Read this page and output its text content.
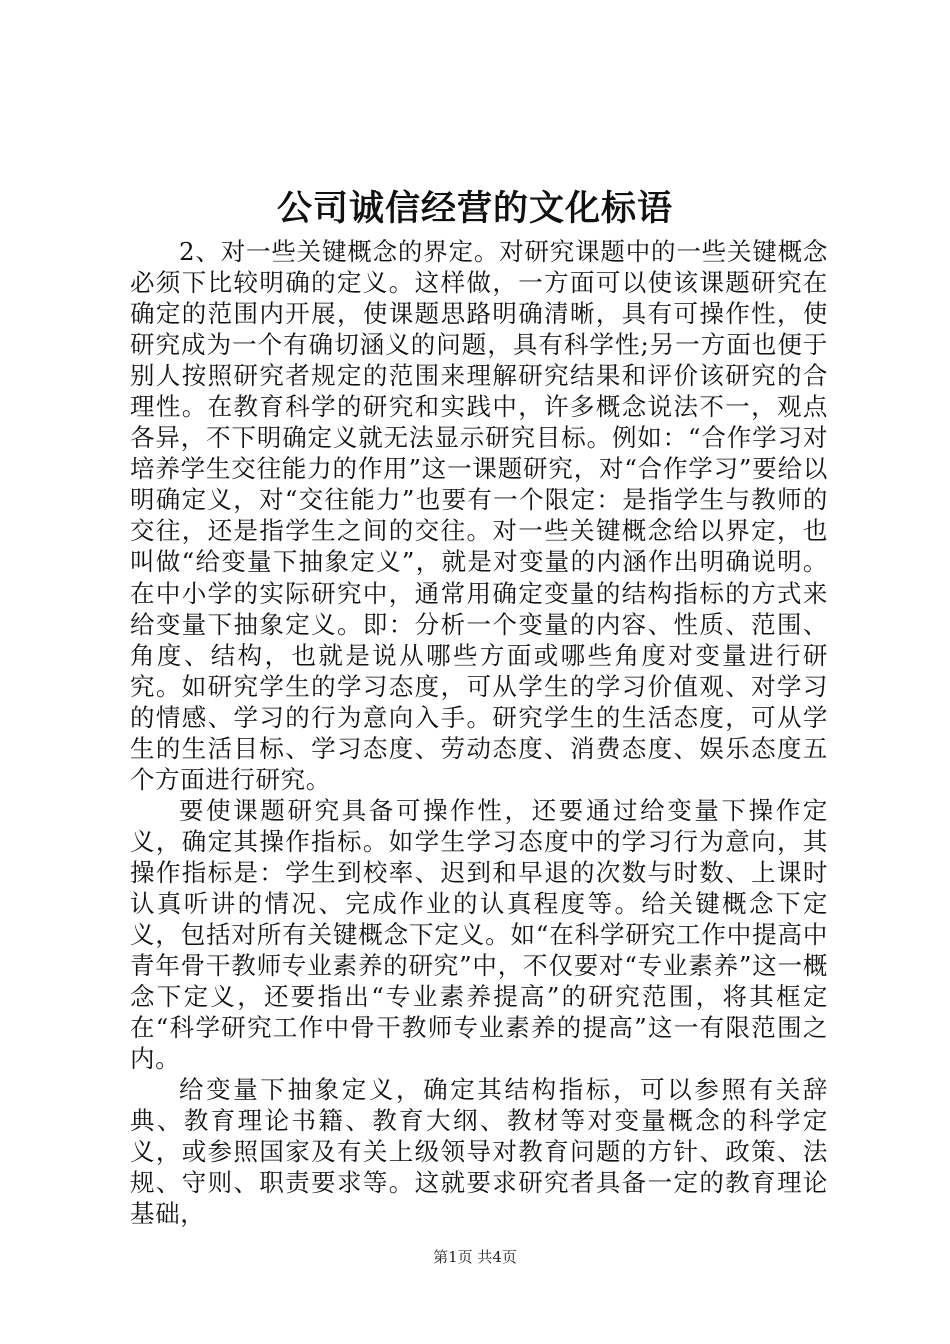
公司诚信经营的文化标语

2、对一些关键概念的界定。对研究课题中的一些关键概念必须下比较明确的定义。这样做，一方面可以使该课题研究在确定的范围内开展，使课题思路明确清晰，具有可操作性，使研究成为一个有确切涵义的问题，具有科学性;另一方面也便于别人按照研究者规定的范围来理解研究结果和评价该研究的合理性。在教育科学的研究和实践中，许多概念说法不一，观点各异，不下明确定义就无法显示研究目标。例如：“合作学习对培养学生交往能力的作用”这一课题研究，对“合作学习”要给以明确定义，对“交往能力”也要有一个限定：是指学生与教师的交往，还是指学生之间的交往。对一些关键概念给以界定，也叫做“给变量下抽象定义”，就是对变量的内涵作出明确说明。在中小学的实际研究中，通常用确定变量的结构指标的方式来给变量下抽象定义。即：分析一个变量的内容、性质、范围、角度、结构，也就是说从哪些方面或哪些角度对变量进行研究。如研究学生的学习态度，可从学生的学习价值观、对学习的情感、学习的行为意向入手。研究学生的生活态度，可从学生的生活目标、学习态度、劳动态度、消费态度、娱乐态度五个方面进行研究。

要使课题研究具备可操作性，还要通过给变量下操作定义，确定其操作指标。如学生学习态度中的学习行为意向，其操作指标是：学生到校率、迟到和早退的次数与时数、上课时认真听讲的情况、完成作业的认真程度等。给关键概念下定义，包括对所有关键概念下定义。如“在科学研究工作中提高中青年骨干教师专业素养的研究”中，不仅要对“专业素养”这一概念下定义，还要指出“专业素养提高”的研究范围，将其框定在“科学研究工作中骨干教师专业素养的提高”这一有限范围之内。

给变量下抽象定义，确定其结构指标，可以参照有关辞典、教育理论书籍、教育大纲、教材等对变量概念的科学定义，或参照国家及有关上级领导对教育问题的方针、政策、法规、守则、职责要求等。这就要求研究者具备一定的教育理论基础，

第1页 共4页
